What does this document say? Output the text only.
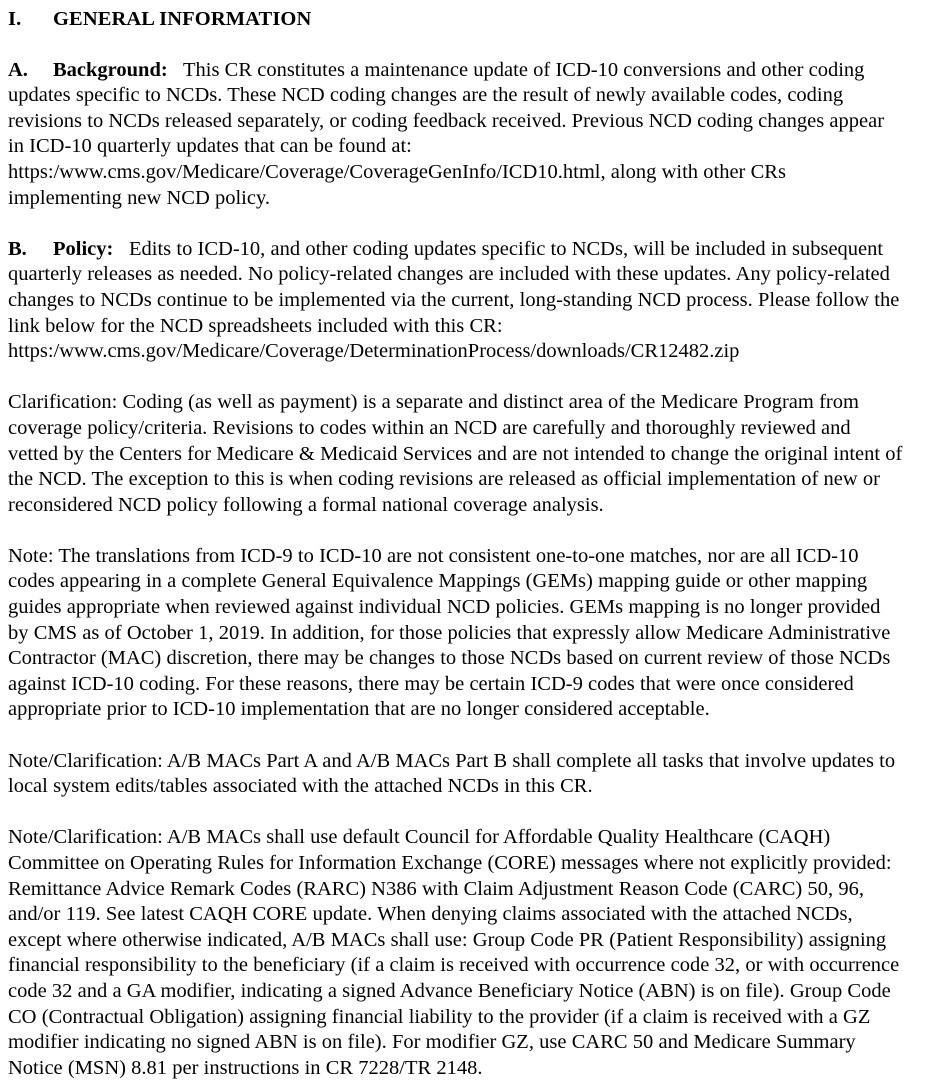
I. GENERAL INFORMATION

A. Background:   This CR constitutes a maintenance update of ICD-10 conversions and other coding
updates specific to NCDs. These NCD coding changes are the result of newly available codes, coding
revisions to NCDs released separately, or coding feedback received. Previous NCD coding changes appear
in ICD-10 quarterly updates that can be found at:
https:/www.cms.gov/Medicare/Coverage/CoverageGenInfo/ICD10.html, along with other CRs
implementing new NCD policy.

B. Policy:   Edits to ICD-10, and other coding updates specific to NCDs, will be included in subsequent
quarterly releases as needed. No policy-related changes are included with these updates. Any policy-related
changes to NCDs continue to be implemented via the current, long-standing NCD process. Please follow the
link below for the NCD spreadsheets included with this CR:
https:/www.cms.gov/Medicare/Coverage/DeterminationProcess/downloads/CR12482.zip

Clarification: Coding (as well as payment) is a separate and distinct area of the Medicare Program from
coverage policy/criteria. Revisions to codes within an NCD are carefully and thoroughly reviewed and
vetted by the Centers for Medicare & Medicaid Services and are not intended to change the original intent of
the NCD. The exception to this is when coding revisions are released as official implementation of new or
reconsidered NCD policy following a formal national coverage analysis.

Note: The translations from ICD-9 to ICD-10 are not consistent one-to-one matches, nor are all ICD-10
codes appearing in a complete General Equivalence Mappings (GEMs) mapping guide or other mapping
guides appropriate when reviewed against individual NCD policies. GEMs mapping is no longer provided
by CMS as of October 1, 2019. In addition, for those policies that expressly allow Medicare Administrative
Contractor (MAC) discretion, there may be changes to those NCDs based on current review of those NCDs
against ICD-10 coding. For these reasons, there may be certain ICD-9 codes that were once considered
appropriate prior to ICD-10 implementation that are no longer considered acceptable.

Note/Clarification: A/B MACs Part A and A/B MACs Part B shall complete all tasks that involve updates to
local system edits/tables associated with the attached NCDs in this CR.

Note/Clarification: A/B MACs shall use default Council for Affordable Quality Healthcare (CAQH)
Committee on Operating Rules for Information Exchange (CORE) messages where not explicitly provided:
Remittance Advice Remark Codes (RARC) N386 with Claim Adjustment Reason Code (CARC) 50, 96,
and/or 119. See latest CAQH CORE update. When denying claims associated with the attached NCDs,
except where otherwise indicated, A/B MACs shall use: Group Code PR (Patient Responsibility) assigning
financial responsibility to the beneficiary (if a claim is received with occurrence code 32, or with occurrence
code 32 and a GA modifier, indicating a signed Advance Beneficiary Notice (ABN) is on file). Group Code
CO (Contractual Obligation) assigning financial liability to the provider (if a claim is received with a GZ
modifier indicating no signed ABN is on file). For modifier GZ, use CARC 50 and Medicare Summary
Notice (MSN) 8.81 per instructions in CR 7228/TR 2148.
